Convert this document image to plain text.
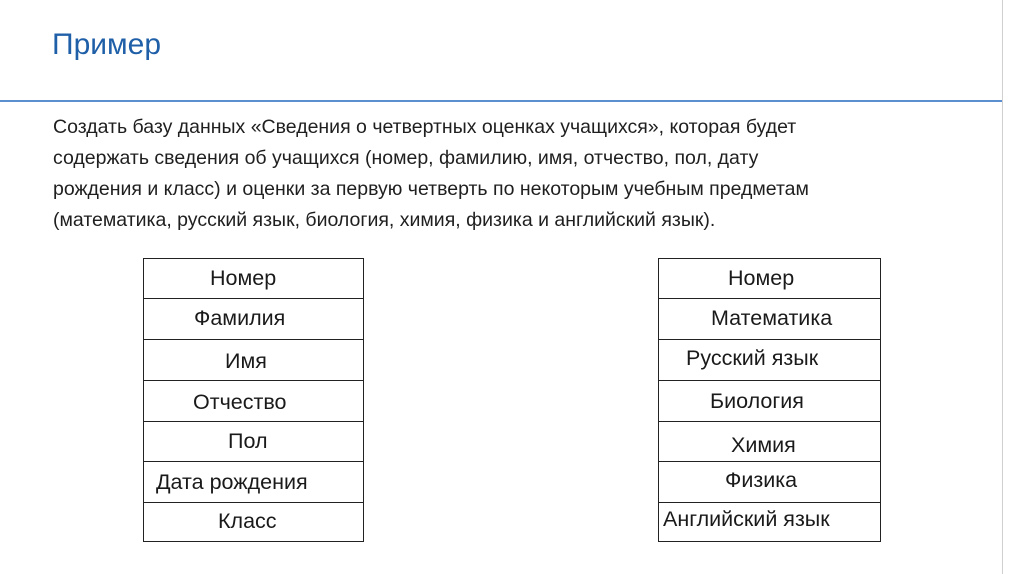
Пример
Создать базу данных «Сведения о четвертных оценках учащихся», которая будет
содержать сведения об учащихся (номер, фамилию, имя, отчество, пол, дату
рождения и класс) и оценки за первую четверть по некоторым учебным предметам
(математика, русский язык, биология, химия, физика и английский язык).
Номер
Фамилия
Имя
Отчество
Пол
Дата рождения
Класс
Номер
Математика
Русский язык
Биология
Химия
Физика
Английский язык
